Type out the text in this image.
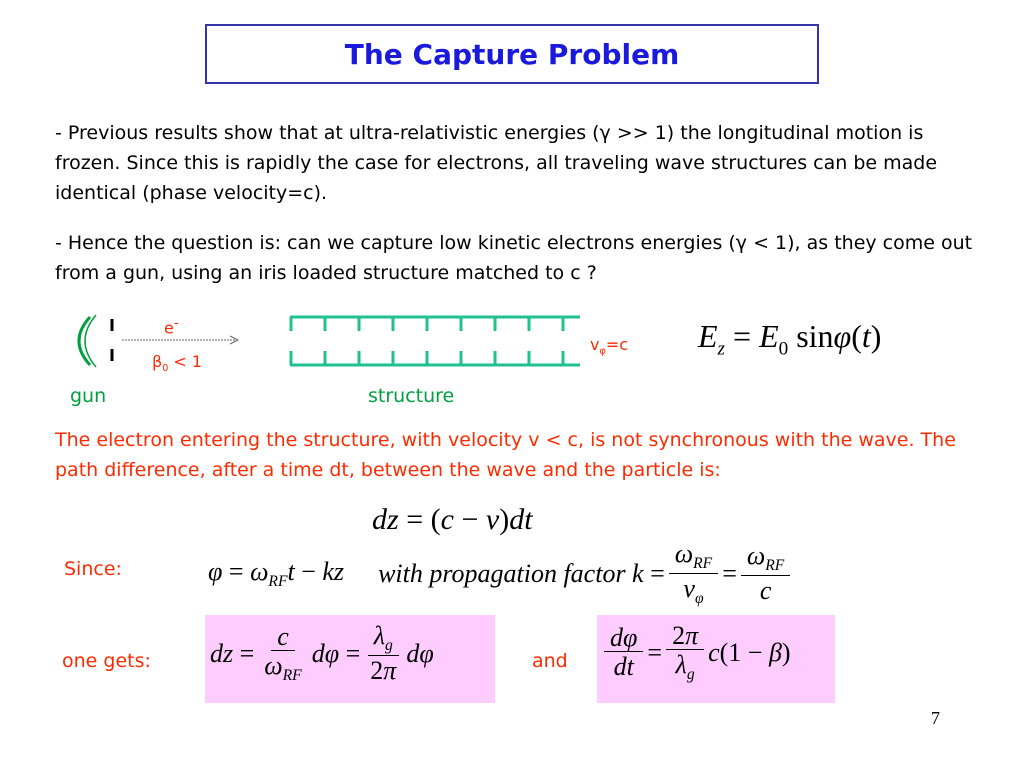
The Capture Problem
- Previous results show that at ultra-relativistic energies (γ >> 1) the longitudinal motion is frozen. Since this is rapidly the case for electrons, all traveling wave structures can be made identical (phase velocity=c).
- Hence the question is: can we capture low kinetic electrons energies (γ < 1), as they come out from a gun, using an iris loaded structure matched to c ?
e-
$\beta_0 < 1$
$v_\varphi=c$
gun	structure
$E_z = E_0$ sinφ(t)
The electron entering the structure, with velocity v < c, is not synchronous with the wave. The path difference, after a time dt, between the wave and the particle is:
dz = (c − v)dt
Since:	$\varphi = \omega_{RF}t$ − kz with propagation factor $k = \frac{\omega_{RF}}{v_\varphi} = \frac{\omega_{RF}}{c}$
one gets: dz = $\frac{c}{\omega_{RF}}$ $d\varphi = \frac{\lambda_g}{2\pi}$ dφ	and $\frac{d\varphi}{dt} = \frac{2\pi}{\lambda_g} c(1 - \beta)$
7
